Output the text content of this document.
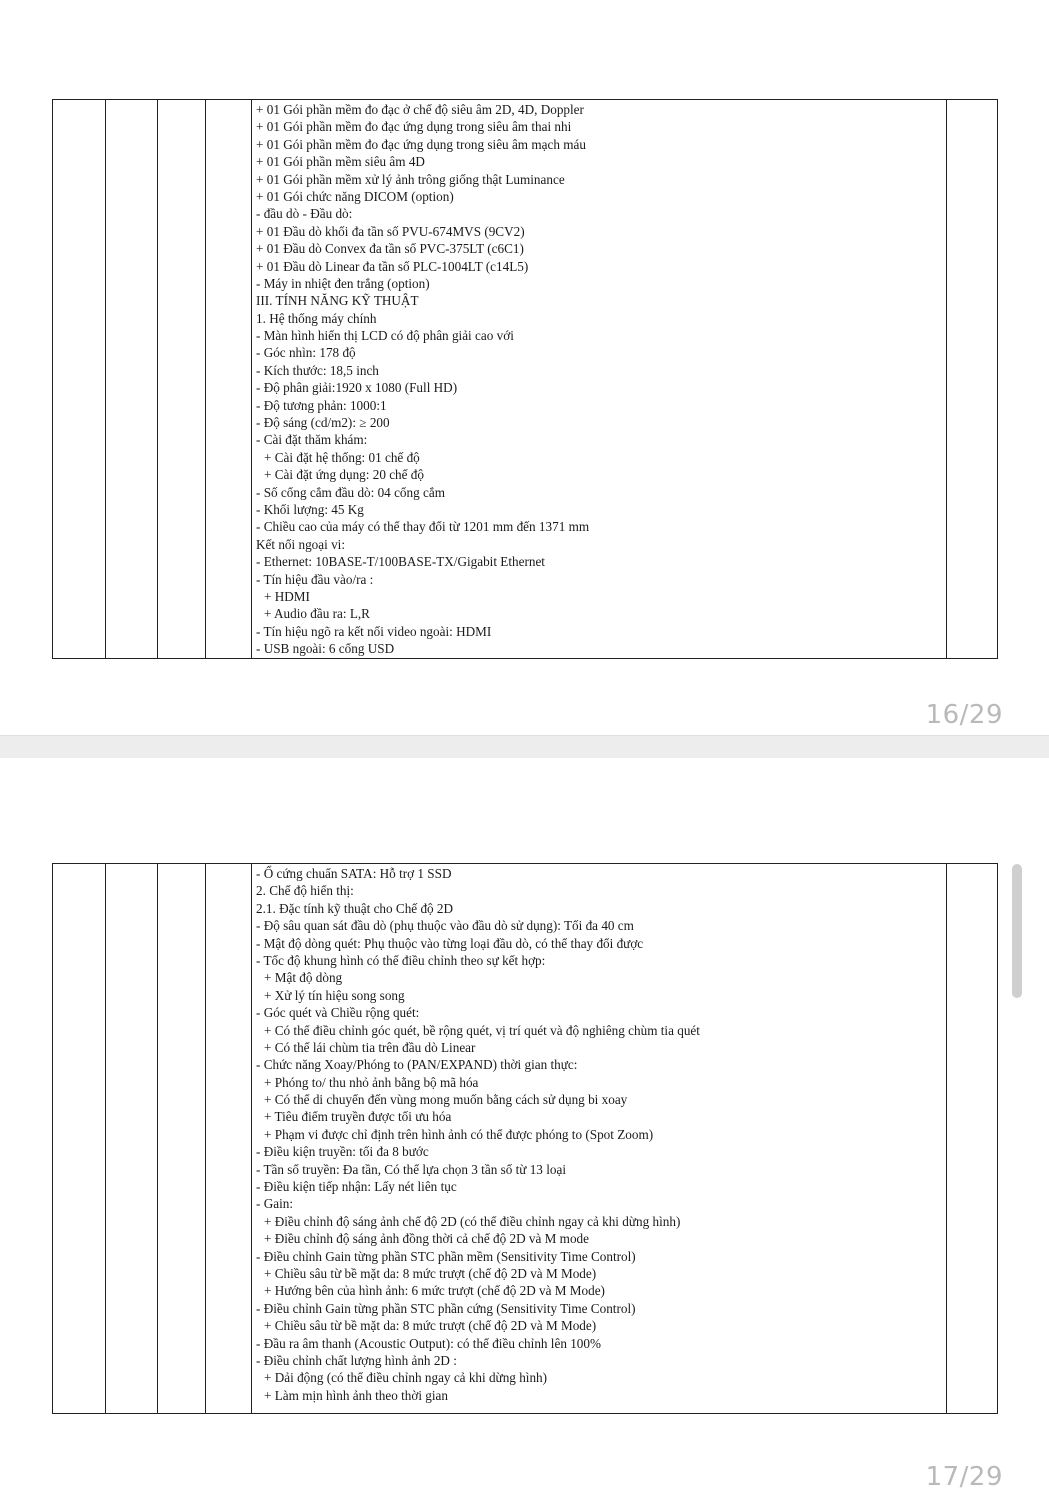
+ 01 Gói phần mềm đo đạc ở chế độ siêu âm 2D, 4D, Doppler
+ 01 Gói phần mềm đo đạc ứng dụng trong siêu âm thai nhi
+ 01 Gói phần mềm đo đạc ứng dụng trong siêu âm mạch máu
+ 01 Gói phần mềm siêu âm 4D
+ 01 Gói phần mềm xử lý ảnh trông giống thật Luminance
+ 01 Gói chức năng DICOM (option)
- đầu dò - Đầu dò:
+ 01 Đầu dò khối đa tần số PVU-674MVS (9CV2)
+ 01 Đầu dò Convex đa tần số PVC-375LT (c6C1)
+ 01 Đầu dò Linear đa tần số PLC-1004LT (c14L5)
- Máy in nhiệt đen trắng (option)
III. TÍNH NĂNG KỸ THUẬT
1. Hệ thống máy chính
- Màn hình hiển thị LCD có độ phân giải cao với
- Góc nhìn: 178 độ
- Kích thước: 18,5 inch
- Độ phân giải:1920 x 1080 (Full HD)
- Độ tương phản: 1000:1
- Độ sáng (cd/m2): ≥ 200
- Cài đặt thăm khám:
+ Cài đặt hệ thống: 01 chế độ
+ Cài đặt ứng dụng: 20 chế độ
- Số cổng cắm đầu dò: 04 cổng cắm
- Khối lượng: 45 Kg
- Chiều cao của máy có thể thay đổi từ 1201 mm đến 1371 mm
Kết nối ngoại vi:
- Ethernet: 10BASE-T/100BASE-TX/Gigabit Ethernet
- Tín hiệu đầu vào/ra :
+ HDMI
+ Audio đầu ra: L,R
- Tín hiệu ngõ ra kết nối video ngoài: HDMI
- USB ngoài: 6 cổng USD

16/29

- Ổ cứng chuẩn SATA: Hỗ trợ 1 SSD
2. Chế độ hiển thị:
2.1. Đặc tính kỹ thuật cho Chế độ 2D
- Độ sâu quan sát đầu dò (phụ thuộc vào đầu dò sử dụng): Tối đa 40 cm
- Mật độ dòng quét: Phụ thuộc vào từng loại đầu dò, có thể thay đổi được
- Tốc độ khung hình có thể điều chỉnh theo sự kết hợp:
+ Mật độ dòng
+ Xử lý tín hiệu song song
- Góc quét và Chiều rộng quét:
+ Có thể điều chỉnh góc quét, bề rộng quét, vị trí quét và độ nghiêng chùm tia quét
+ Có thể lái chùm tia trên đầu dò Linear
- Chức năng Xoay/Phóng to (PAN/EXPAND) thời gian thực:
+ Phóng to/ thu nhỏ ảnh bằng bộ mã hóa
+ Có thể di chuyển đến vùng mong muốn bằng cách sử dụng bi xoay
+ Tiêu điểm truyền được tối ưu hóa
+ Phạm vi được chỉ định trên hình ảnh có thể được phóng to (Spot Zoom)
- Điều kiện truyền: tối đa 8 bước
- Tần số truyền: Đa tần, Có thể lựa chọn 3 tần số từ 13 loại
- Điều kiện tiếp nhận: Lấy nét liên tục
- Gain:
+ Điều chỉnh độ sáng ảnh chế độ 2D (có thể điều chỉnh ngay cả khi dừng hình)
+ Điều chỉnh độ sáng ảnh đồng thời cả chế độ 2D và M mode
- Điều chỉnh Gain từng phần STC phần mềm (Sensitivity Time Control)
+ Chiều sâu từ bề mặt da: 8 mức trượt (chế độ 2D và M Mode)
+ Hướng bên của hình ảnh: 6 mức trượt (chế độ 2D và M Mode)
- Điều chỉnh Gain từng phần STC phần cứng (Sensitivity Time Control)
+ Chiều sâu từ bề mặt da: 8 mức trượt (chế độ 2D và M Mode)
- Đầu ra âm thanh (Acoustic Output): có thể điều chỉnh lên 100%
- Điều chỉnh chất lượng hình ảnh 2D :
+ Dải động (có thể điều chỉnh ngay cả khi dừng hình)
+ Làm mịn hình ảnh theo thời gian

17/29
